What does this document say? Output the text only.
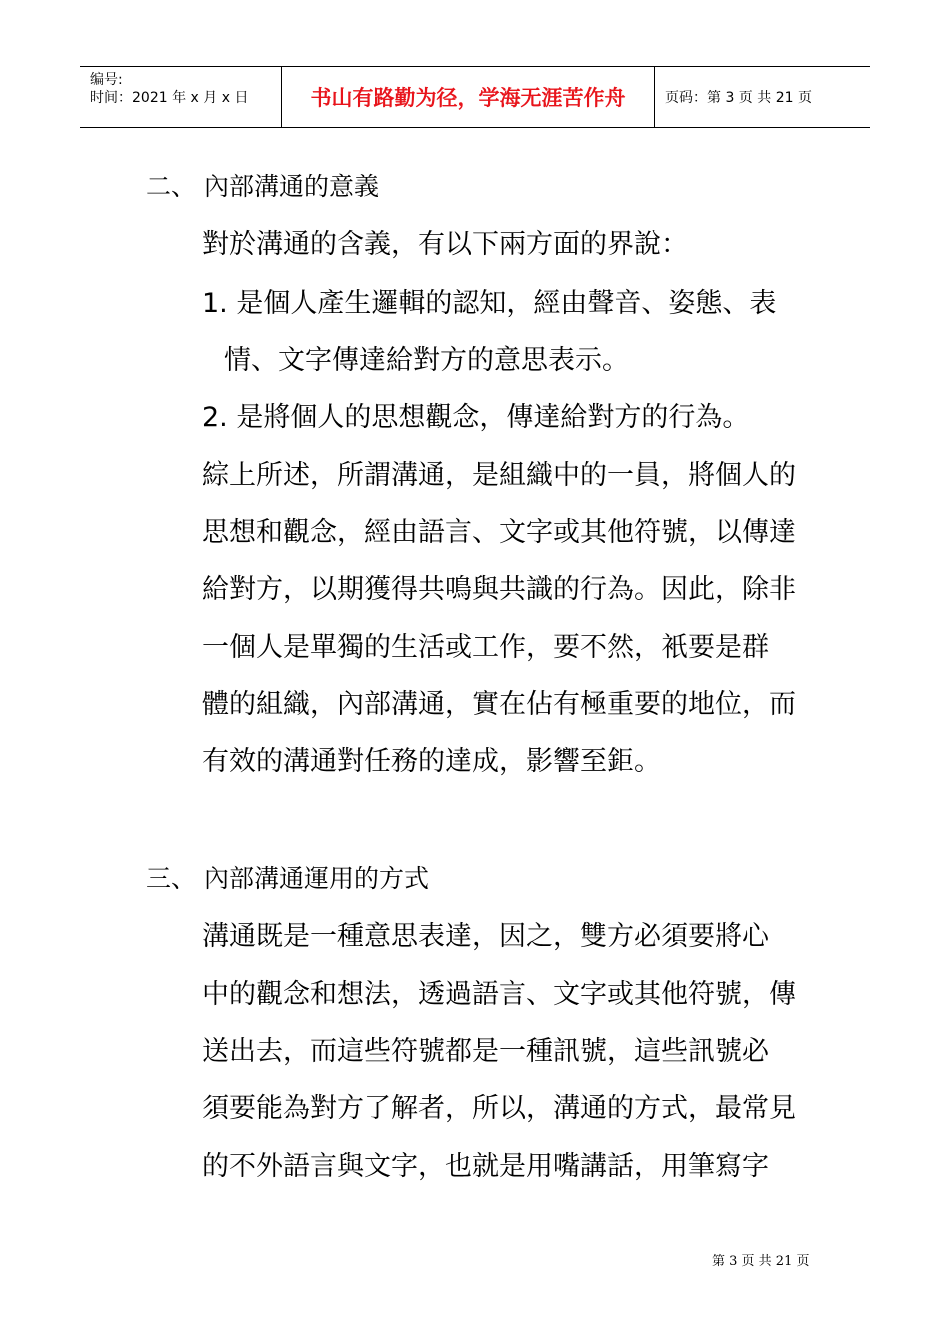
编号:
时间：2021 年 x 月 x 日	书山有路勤为径，学海无涯苦作舟	页码：第 3 页 共 21 页
二、 內部溝通的意義
對於溝通的含義，有以下兩方面的界說：
1. 是個人產生邏輯的認知，經由聲音、姿態、表
情、文字傳達給對方的意思表示。
2. 是將個人的思想觀念，傳達給對方的行為。
綜上所述，所謂溝通，是組織中的一員，將個人的
思想和觀念，經由語言、文字或其他符號，以傳達
給對方，以期獲得共鳴與共識的行為。因此，除非
一個人是單獨的生活或工作，要不然，衹要是群
體的組織，內部溝通，實在佔有極重要的地位，而
有效的溝通對任務的達成，影響至鉅。
三、 內部溝通運用的方式
溝通既是一種意思表達，因之，雙方必須要將心
中的觀念和想法，透過語言、文字或其他符號，傳
送出去，而這些符號都是一種訊號，這些訊號必
須要能為對方了解者，所以，溝通的方式，最常見
的不外語言與文字，也就是用嘴講話，用筆寫字
第 3 页 共 21 页
